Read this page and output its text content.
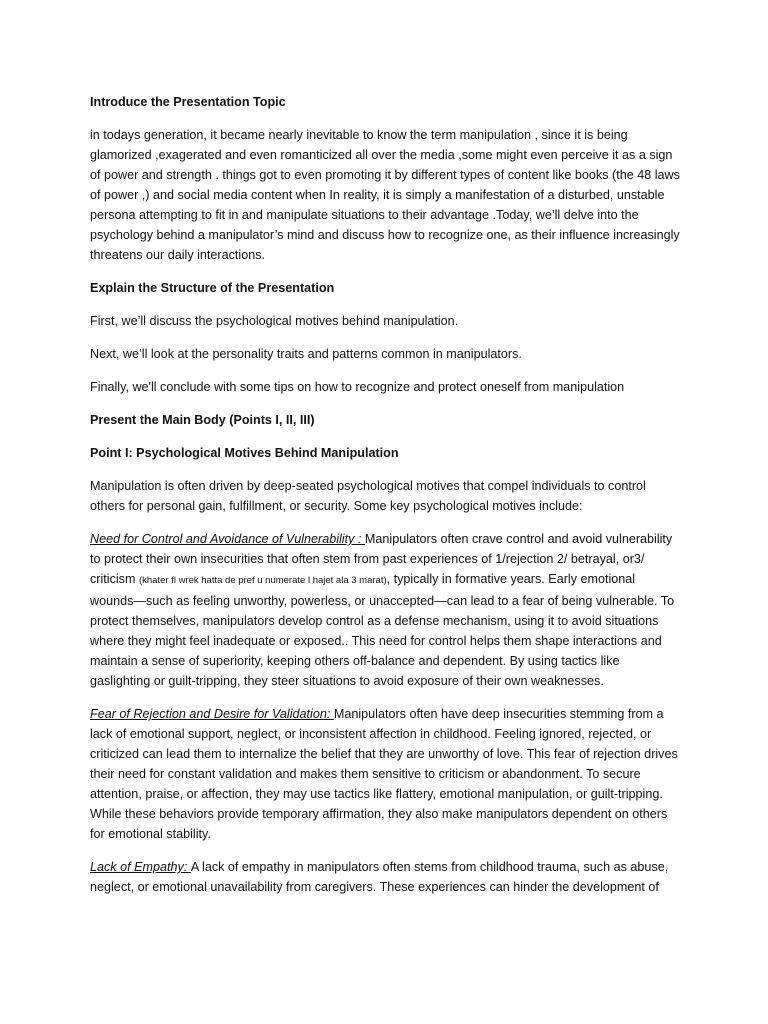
Introduce the Presentation Topic

in todays generation, it became nearly inevitable to know the term manipulation , since it is being glamorized ,exagerated and even romanticized all over the media ,some might even perceive it as a sign of power and strength . things got to even promoting it by different types of content like books (the 48 laws of power ,) and social media content when In reality, it is simply a manifestation of a disturbed, unstable persona attempting to fit in and manipulate situations to their advantage .Today, we’ll delve into the psychology behind a manipulator’s mind and discuss how to recognize one, as their influence increasingly threatens our daily interactions.

Explain the Structure of the Presentation

First, we’ll discuss the psychological motives behind manipulation.

Next, we’ll look at the personality traits and patterns common in manipulators.

Finally, we'll conclude with some tips on how to recognize and protect oneself from manipulation

Present the Main Body (Points I, II, III)

Point I: Psychological Motives Behind Manipulation

Manipulation is often driven by deep-seated psychological motives that compel individuals to control others for personal gain, fulfillment, or security. Some key psychological motives include:

Need for Control and Avoidance of Vulnerability : Manipulators often crave control and avoid vulnerability to protect their own insecurities that often stem from past experiences of 1/rejection 2/ betrayal, or3/ criticism (khater fl wrek hatta de pref u numerate l hajet ala 3 marat), typically in formative years. Early emotional wounds—such as feeling unworthy, powerless, or unaccepted—can lead to a fear of being vulnerable. To protect themselves, manipulators develop control as a defense mechanism, using it to avoid situations where they might feel inadequate or exposed.. This need for control helps them shape interactions and maintain a sense of superiority, keeping others off-balance and dependent. By using tactics like gaslighting or guilt-tripping, they steer situations to avoid exposure of their own weaknesses.

Fear of Rejection and Desire for Validation: Manipulators often have deep insecurities stemming from a lack of emotional support, neglect, or inconsistent affection in childhood. Feeling ignored, rejected, or criticized can lead them to internalize the belief that they are unworthy of love. This fear of rejection drives their need for constant validation and makes them sensitive to criticism or abandonment. To secure attention, praise, or affection, they may use tactics like flattery, emotional manipulation, or guilt-tripping. While these behaviors provide temporary affirmation, they also make manipulators dependent on others for emotional stability.

Lack of Empathy: A lack of empathy in manipulators often stems from childhood trauma, such as abuse, neglect, or emotional unavailability from caregivers. These experiences can hinder the development of
